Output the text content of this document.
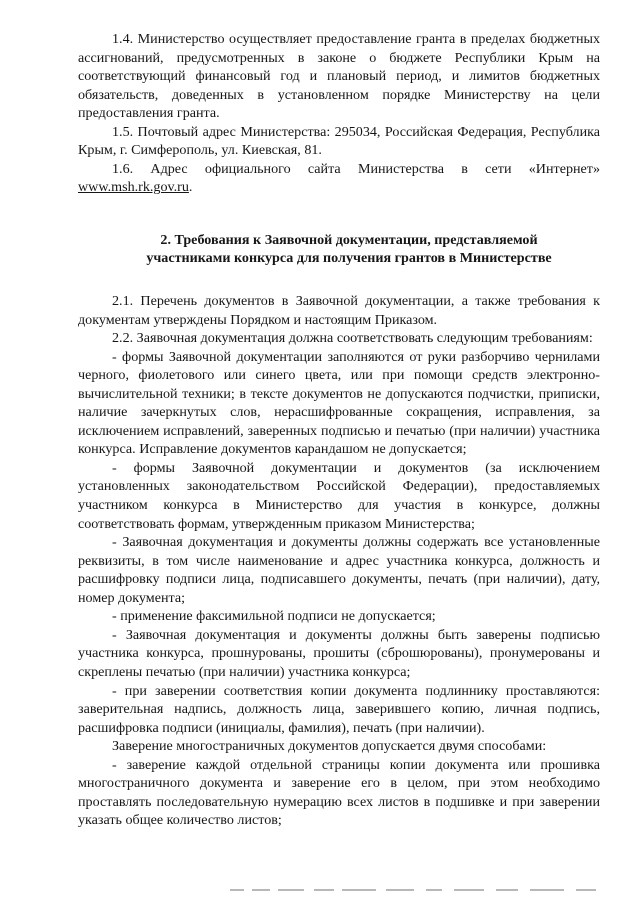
1.4. Министерство осуществляет предоставление гранта в пределах бюджетных ассигнований, предусмотренных в законе о бюджете Республики Крым на соответствующий финансовый год и плановый период, и лимитов бюджетных обязательств, доведенных в установленном порядке Министерству на цели предоставления гранта.

1.5. Почтовый адрес Министерства: 295034, Российская Федерация, Республика Крым, г. Симферополь, ул. Киевская, 81.

1.6. Адрес официального сайта Министерства в сети «Интернет» www.msh.rk.gov.ru.

2. Требования к Заявочной документации, представляемой
участниками конкурса для получения грантов в Министерстве

2.1. Перечень документов в Заявочной документации, а также требования к документам утверждены Порядком и настоящим Приказом.

2.2. Заявочная документация должна соответствовать следующим требованиям:

- формы Заявочной документации заполняются от руки разборчиво чернилами черного, фиолетового или синего цвета, или при помощи средств электронно-вычислительной техники; в тексте документов не допускаются подчистки, приписки, наличие зачеркнутых слов, нерасшифрованные сокращения, исправления, за исключением исправлений, заверенных подписью и печатью (при наличии) участника конкурса. Исправление документов карандашом не допускается;

- формы Заявочной документации и документов (за исключением установленных законодательством Российской Федерации), предоставляемых участником конкурса в Министерство для участия в конкурсе, должны соответствовать формам, утвержденным приказом Министерства;

- Заявочная документация и документы должны содержать все установленные реквизиты, в том числе наименование и адрес участника конкурса, должность и расшифровку подписи лица, подписавшего документы, печать (при наличии), дату, номер документа;

- применение факсимильной подписи не допускается;

- Заявочная документация и документы должны быть заверены подписью участника конкурса, прошнурованы, прошиты (сброшюрованы), пронумерованы и скреплены печатью (при наличии) участника конкурса;

- при заверении соответствия копии документа подлиннику проставляются: заверительная надпись, должность лица, заверившего копию, личная подпись, расшифровка подписи (инициалы, фамилия), печать (при наличии).

Заверение многостраничных документов допускается двумя способами:

- заверение каждой отдельной страницы копии документа или прошивка многостраничного документа и заверение его в целом, при этом необходимо проставлять последовательную нумерацию всех листов в подшивке и при заверении указать общее количество листов;
